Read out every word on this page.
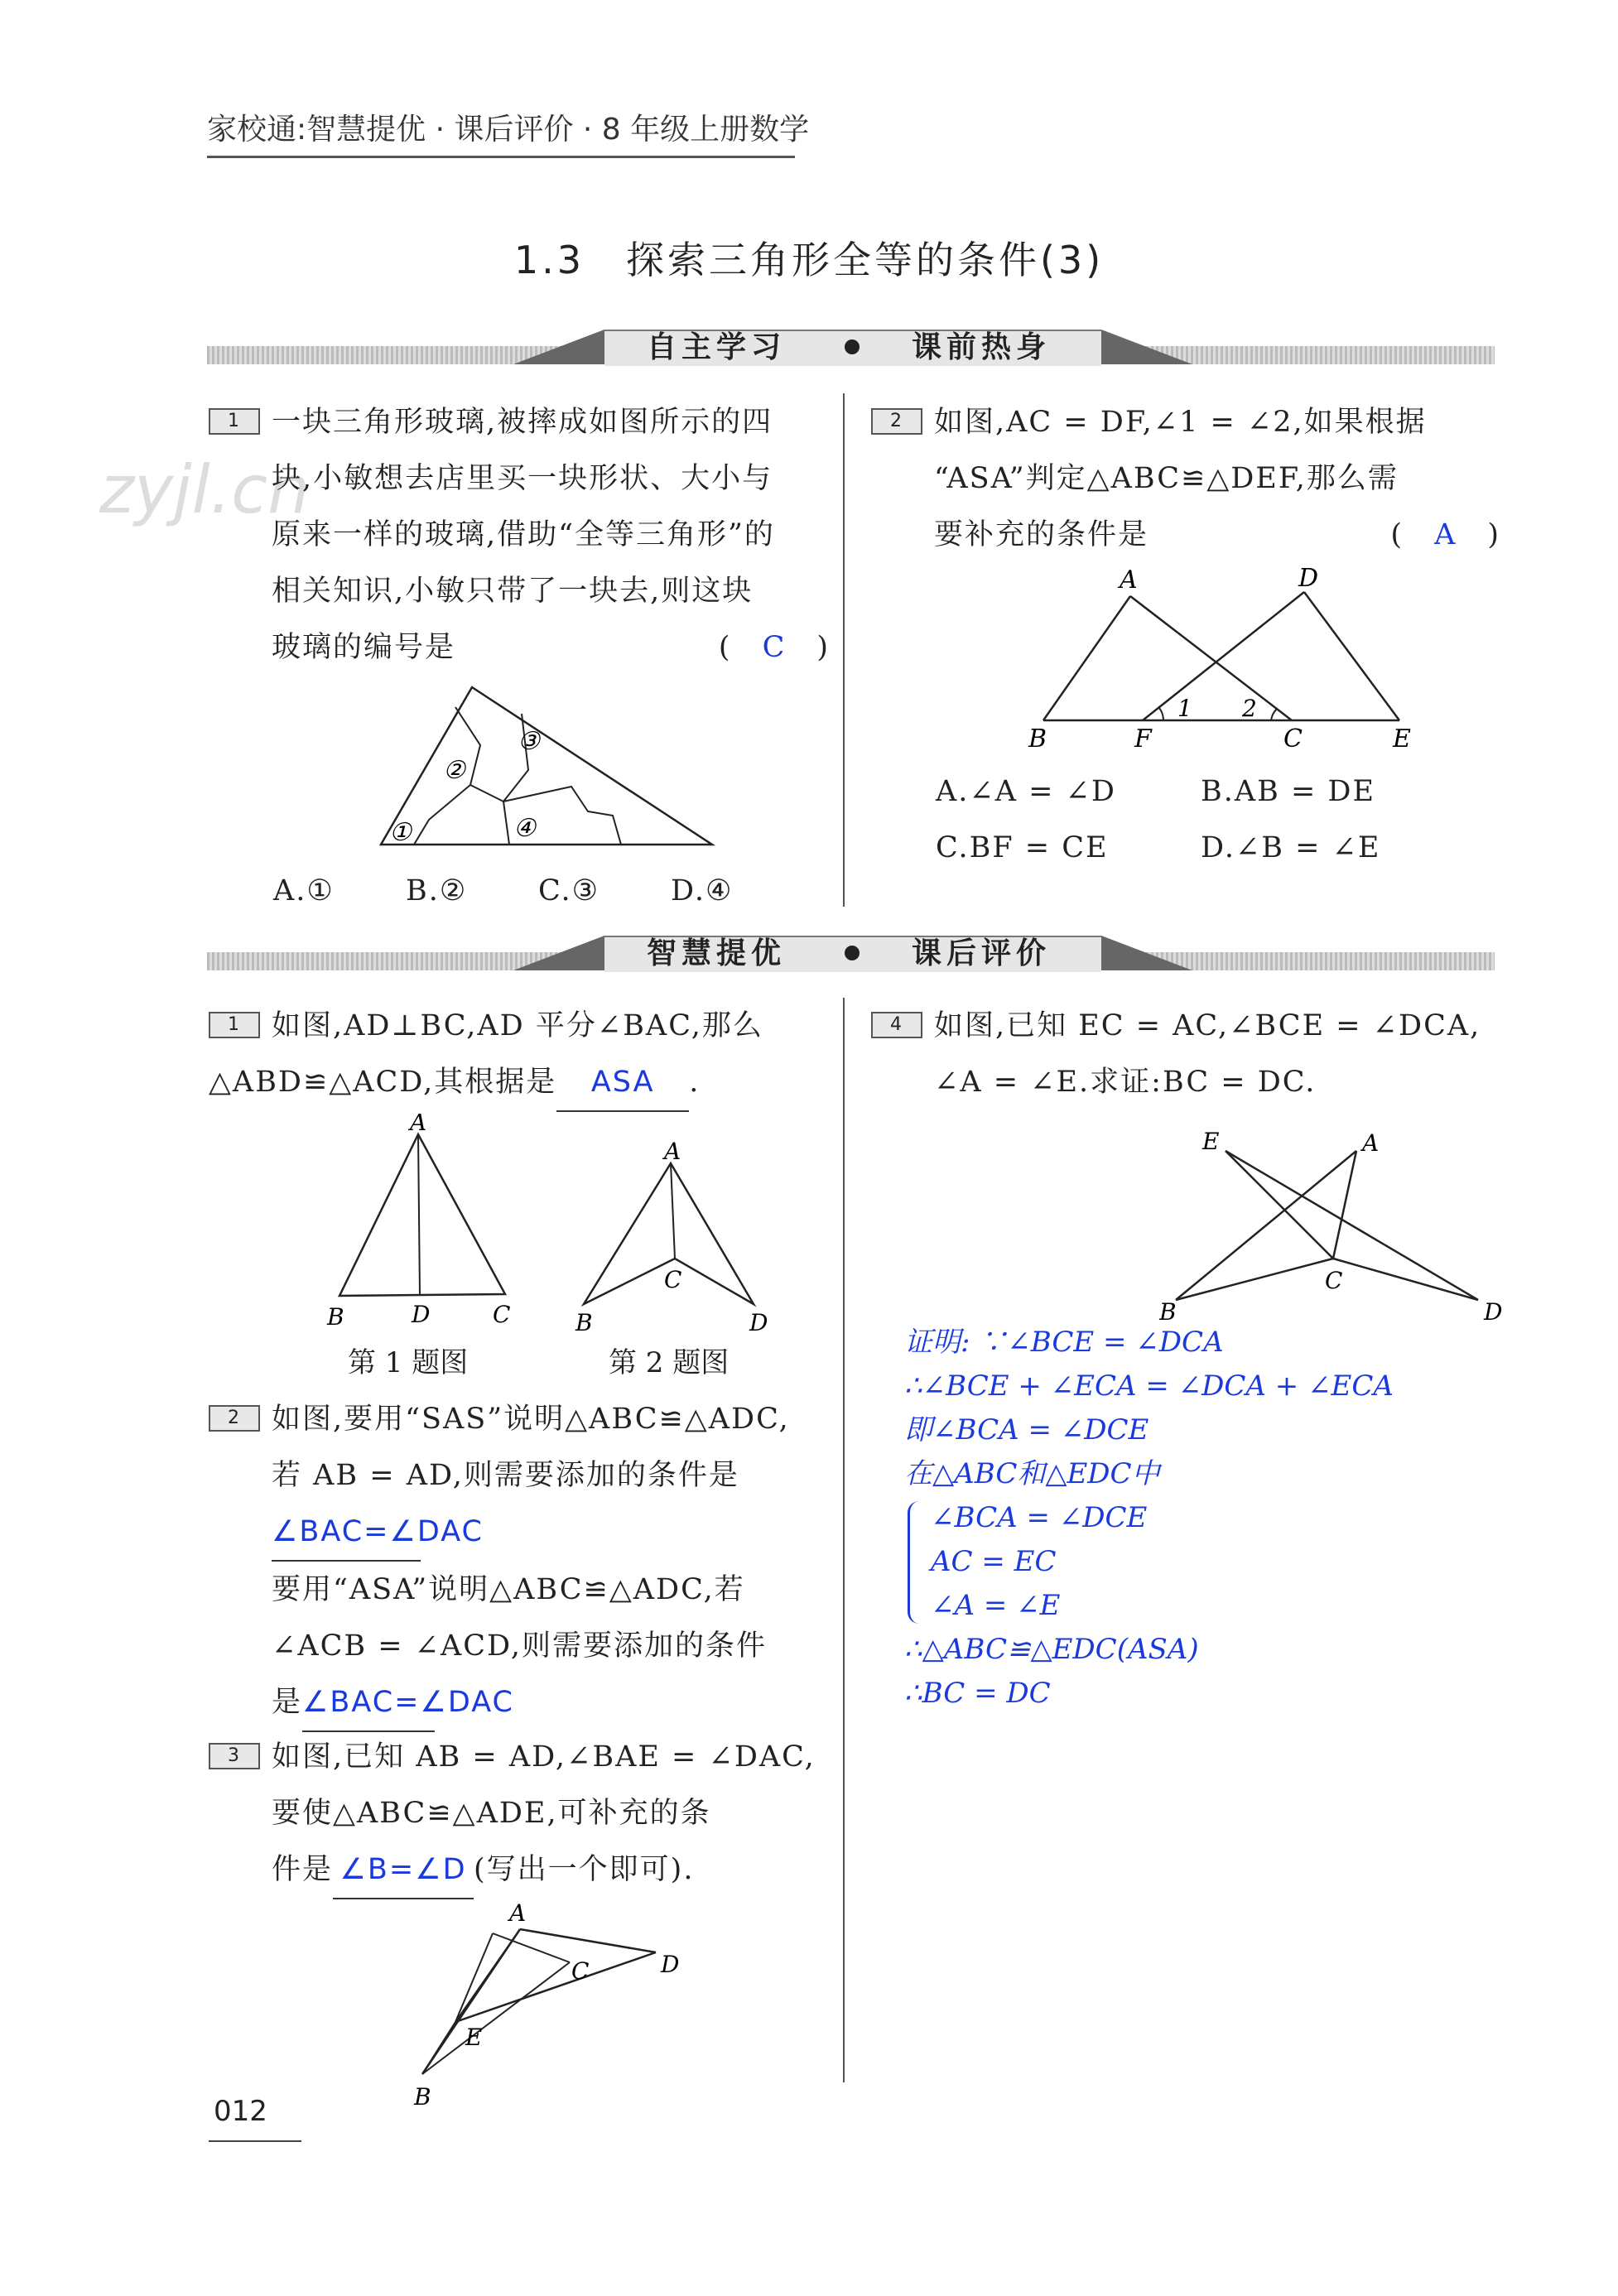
家校通:智慧提优 · 课后评价 · 8 年级上册数学
zyjl.cn
1.3　探索三角形全等的条件(3)
自主学习	课前热身
1 一块三角形玻璃,被摔成如图所示的四
块,小敏想去店里买一块形状、大小与
原来一样的玻璃,借助“全等三角形”的
相关知识,小敏只带了一块去,则这块
玻璃的编号是	(　C　)
②
③
①	④
A.① B.② C.③ D.④
2 如图,AC = DF,∠1 = ∠2,如果根据
“ASA”判定△ABC≌△DEF,那么需
要补充的条件是	(　A　)
A	D
B	F
1 2
C	E
A.∠A = ∠D	B.AB = DE
C.BF = CE	D.∠B = ∠E
智慧提优	课后评价
1 如图,AD⊥BC,AD 平分∠BAC,那么
△ABD≌△ACD,其根据是 ASA .
A
B	D	C
A
C
B	D
第 1 题图	第 2 题图
2 如图,要用“SAS”说明△ABC≌△ADC,
若 AB = AD,则需要添加的条件是
∠BAC=∠DAC
要用“ASA”说明△ABC≌△ADC,若
∠ACB = ∠ACD,则需要添加的条件
是∠BAC=∠DAC
3 如图,已知 AB = AD,∠BAE = ∠DAC,
要使△ABC≌△ADE,可补充的条
件是 ∠B=∠D (写出一个即可).
A
C	D
E
B
4 如图,已知 EC = AC,∠BCE = ∠DCA,
∠A = ∠E.求证:BC = DC.
E	A
C
B	D
证明: ∵∠BCE = ∠DCA
∴∠BCE + ∠ECA = ∠DCA + ∠ECA
即∠BCA = ∠DCE
在△ABC和△EDC中
∠BCA = ∠DCE
AC = EC
∠A = ∠E
∴△ABC≌△EDC(ASA)
∴BC = DC
012
